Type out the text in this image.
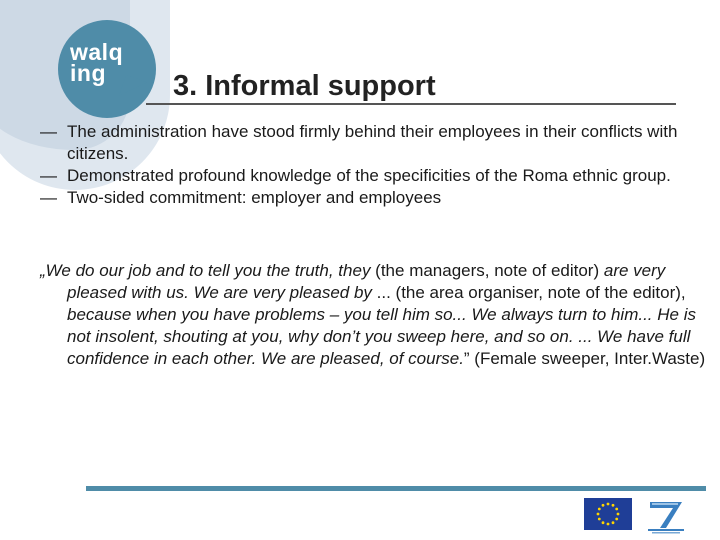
walq
ing	3. Informal support
— The administration have stood firmly behind their employees in their conflicts with citizens.
— Demonstrated profound knowledge of the specificities of the Roma ethnic group.
— Two-sided commitment: employer and employees

„We do our job and to tell you the truth, they (the managers, note of editor) are very pleased with us. We are very pleased by ... (the area organiser, note of the editor), because when you have problems – you tell him so... We always turn to him... He is not insolent, shouting at you, why don’t you sweep here, and so on. ... We have full confidence in each other. We are pleased, of course.” (Female sweeper, Inter.Waste)
